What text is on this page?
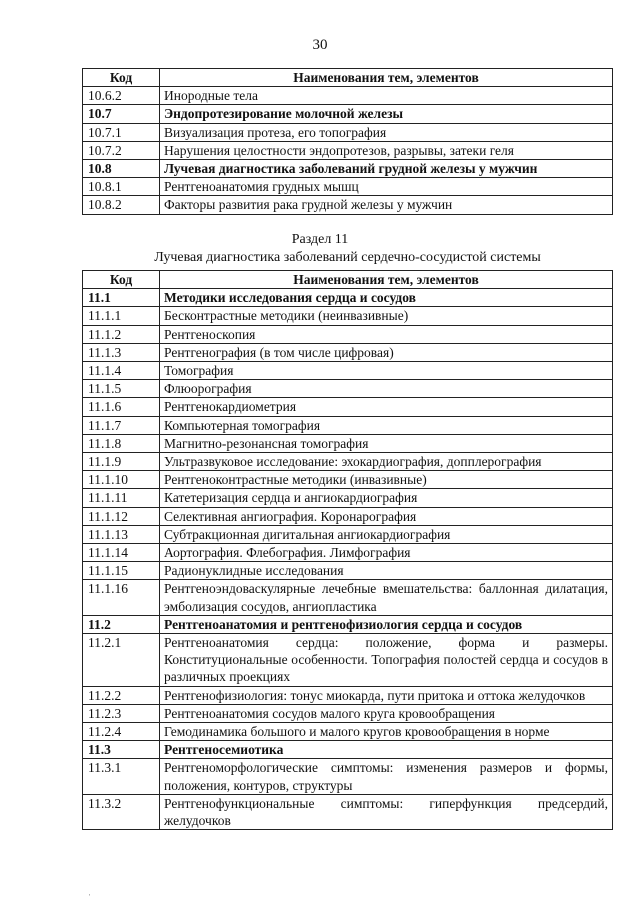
30
Код	Наименования тем, элементов
10.6.2	Инородные тела
10.7	Эндопротезирование молочной железы
10.7.1	Визуализация протеза, его топография
10.7.2	Нарушения целостности эндопротезов, разрывы, затеки геля
10.8	Лучевая диагностика заболеваний грудной железы у мужчин
10.8.1	Рентгеноанатомия грудных мышц
10.8.2	Факторы развития рака грудной железы у мужчин
Раздел 11
Лучевая диагностика заболеваний сердечно-сосудистой системы
Код	Наименования тем, элементов
11.1	Методики исследования сердца и сосудов
11.1.1	Бесконтрастные методики (неинвазивные)
11.1.2	Рентгеноскопия
11.1.3	Рентгенография (в том числе цифровая)
11.1.4	Томография
11.1.5	Флюорография
11.1.6	Рентгенокардиометрия
11.1.7	Компьютерная томография
11.1.8	Магнитно-резонансная томография
11.1.9	Ультразвуковое исследование: эхокардиография, допплерография
11.1.10	Рентгеноконтрастные методики (инвазивные)
11.1.11	Катетеризация сердца и ангиокардиография
11.1.12	Селективная ангиография. Коронарография
11.1.13	Субтракционная дигитальная ангиокардиография
11.1.14	Аортография. Флебография. Лимфография
11.1.15	Радионуклидные исследования
11.1.16	Рентгеноэндоваскулярные лечебные вмешательства: баллонная дилатация, эмболизация сосудов, ангиопластика
11.2	Рентгеноанатомия и рентгенофизиология сердца и сосудов
11.2.1	Рентгеноанатомия сердца: положение, форма и размеры. Конституциональные особенности. Топография полостей сердца и сосудов в различных проекциях
11.2.2	Рентгенофизиология: тонус миокарда, пути притока и оттока желудочков
11.2.3	Рентгеноанатомия сосудов малого круга кровообращения
11.2.4	Гемодинамика большого и малого кругов кровообращения в норме
11.3	Рентгеносемиотика
11.3.1	Рентгеноморфологические симптомы: изменения размеров и формы, положения, контуров, структуры
11.3.2	Рентгенофункциональные симптомы: гиперфункция предсердий, желудочков
ˈ
